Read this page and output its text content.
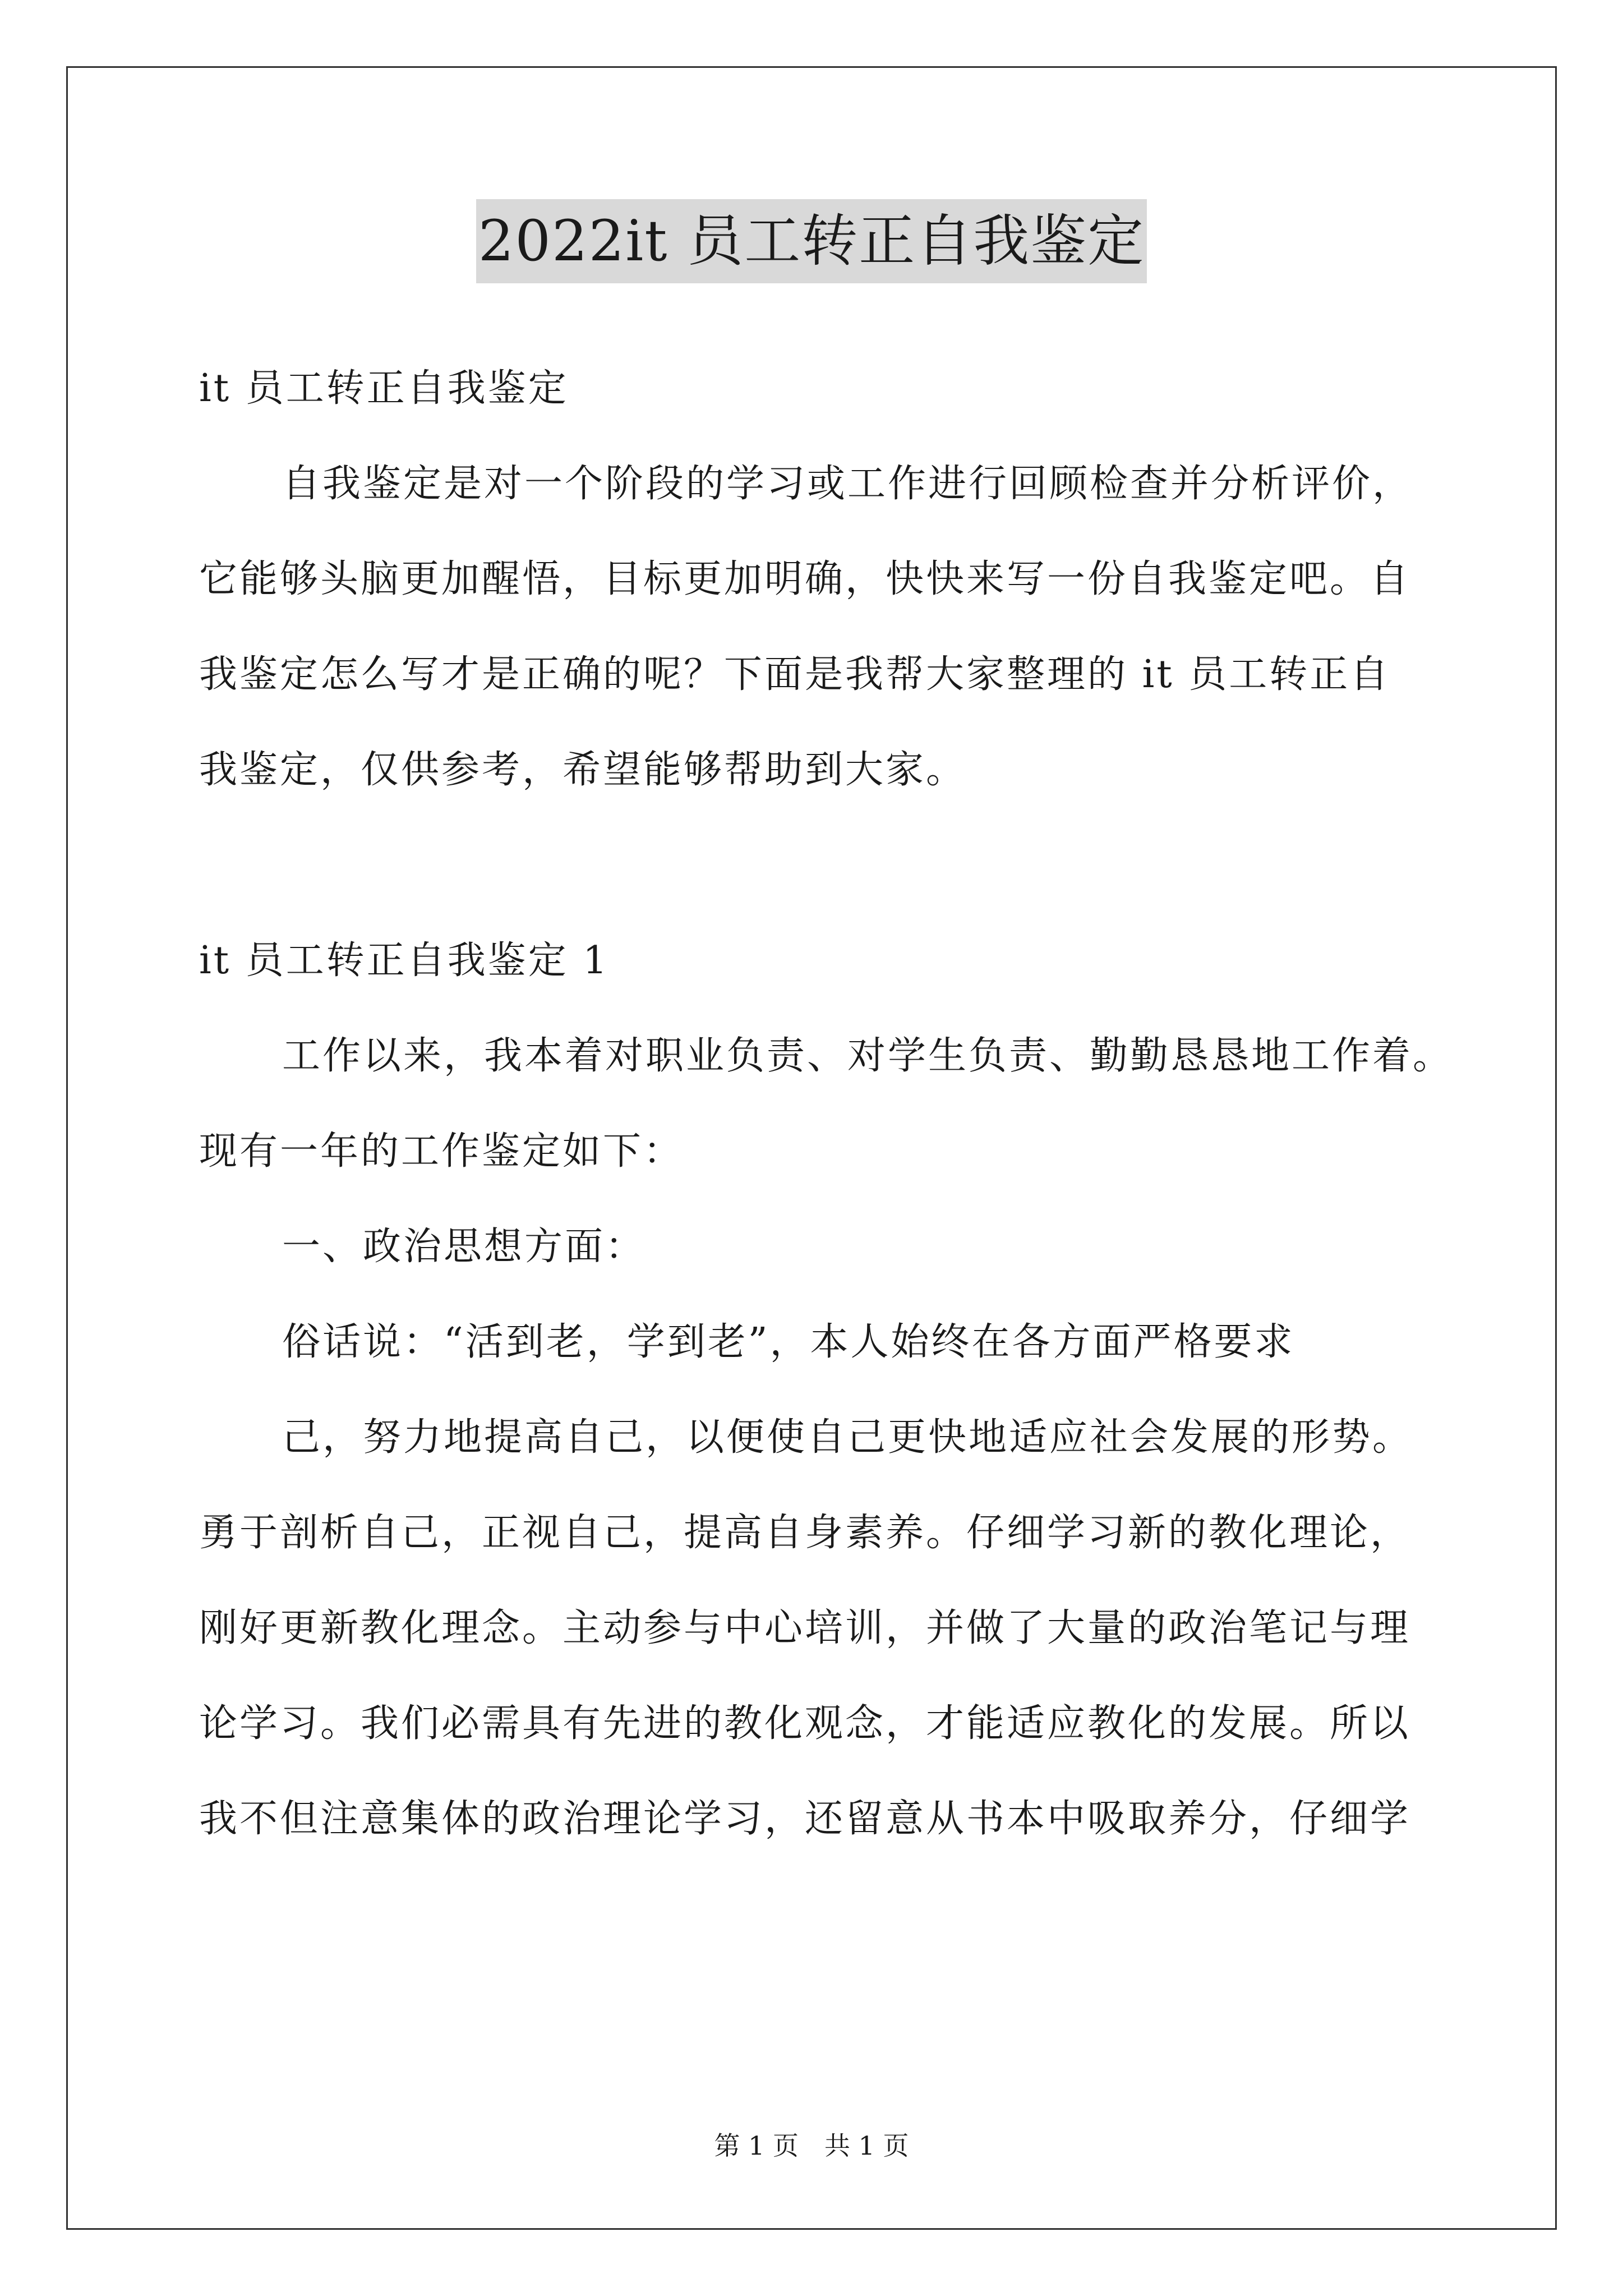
2022it 员工转正自我鉴定
it 员工转正自我鉴定
自我鉴定是对一个阶段的学习或工作进行回顾检查并分析评价，
它能够头脑更加醒悟，目标更加明确，快快来写一份自我鉴定吧。自
我鉴定怎么写才是正确的呢？下面是我帮大家整理的 it 员工转正自
我鉴定，仅供参考，希望能够帮助到大家。
it 员工转正自我鉴定 1
工作以来，我本着对职业负责、对学生负责、勤勤恳恳地工作着。
现有一年的工作鉴定如下：
一、政治思想方面：
俗话说：“活到老，学到老”，本人始终在各方面严格要求
己，努力地提高自己，以便使自己更快地适应社会发展的形势。
勇于剖析自己，正视自己，提高自身素养。仔细学习新的教化理论，
刚好更新教化理念。主动参与中心培训，并做了大量的政治笔记与理
论学习。我们必需具有先进的教化观念，才能适应教化的发展。所以
我不但注意集体的政治理论学习，还留意从书本中吸取养分，仔细学
第 1 页　共 1 页
